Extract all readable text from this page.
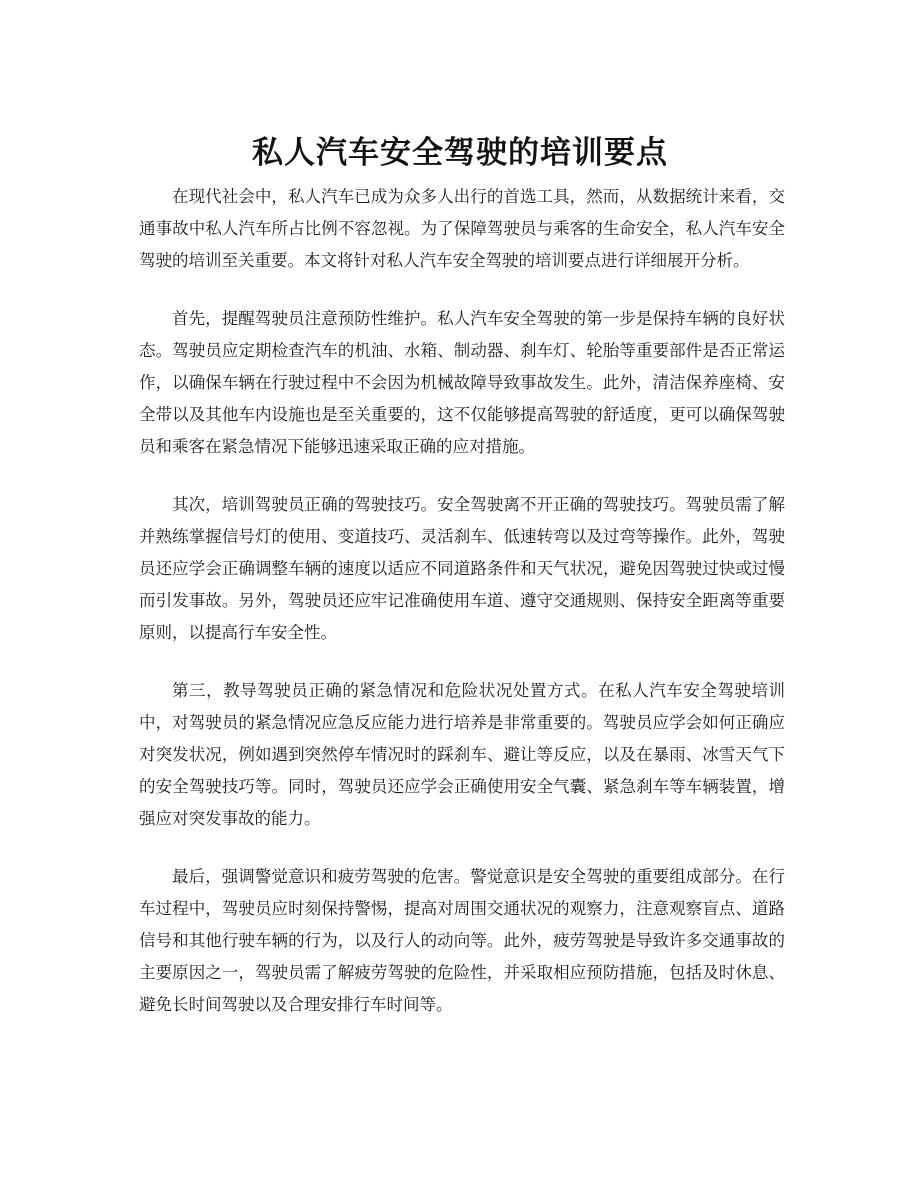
私人汽车安全驾驶的培训要点

在现代社会中，私人汽车已成为众多人出行的首选工具，然而，从数据统计来看，交通事故中私人汽车所占比例不容忽视。为了保障驾驶员与乘客的生命安全，私人汽车安全驾驶的培训至关重要。本文将针对私人汽车安全驾驶的培训要点进行详细展开分析。

首先，提醒驾驶员注意预防性维护。私人汽车安全驾驶的第一步是保持车辆的良好状态。驾驶员应定期检查汽车的机油、水箱、制动器、刹车灯、轮胎等重要部件是否正常运作，以确保车辆在行驶过程中不会因为机械故障导致事故发生。此外，清洁保养座椅、安全带以及其他车内设施也是至关重要的，这不仅能够提高驾驶的舒适度，更可以确保驾驶员和乘客在紧急情况下能够迅速采取正确的应对措施。

其次，培训驾驶员正确的驾驶技巧。安全驾驶离不开正确的驾驶技巧。驾驶员需了解并熟练掌握信号灯的使用、变道技巧、灵活刹车、低速转弯以及过弯等操作。此外，驾驶员还应学会正确调整车辆的速度以适应不同道路条件和天气状况，避免因驾驶过快或过慢而引发事故。另外，驾驶员还应牢记准确使用车道、遵守交通规则、保持安全距离等重要原则，以提高行车安全性。

第三，教导驾驶员正确的紧急情况和危险状况处置方式。在私人汽车安全驾驶培训中，对驾驶员的紧急情况应急反应能力进行培养是非常重要的。驾驶员应学会如何正确应对突发状况，例如遇到突然停车情况时的踩刹车、避让等反应，以及在暴雨、冰雪天气下的安全驾驶技巧等。同时，驾驶员还应学会正确使用安全气囊、紧急刹车等车辆装置，增强应对突发事故的能力。

最后，强调警觉意识和疲劳驾驶的危害。警觉意识是安全驾驶的重要组成部分。在行车过程中，驾驶员应时刻保持警惕，提高对周围交通状况的观察力，注意观察盲点、道路信号和其他行驶车辆的行为，以及行人的动向等。此外，疲劳驾驶是导致许多交通事故的主要原因之一，驾驶员需了解疲劳驾驶的危险性，并采取相应预防措施，包括及时休息、避免长时间驾驶以及合理安排行车时间等。
